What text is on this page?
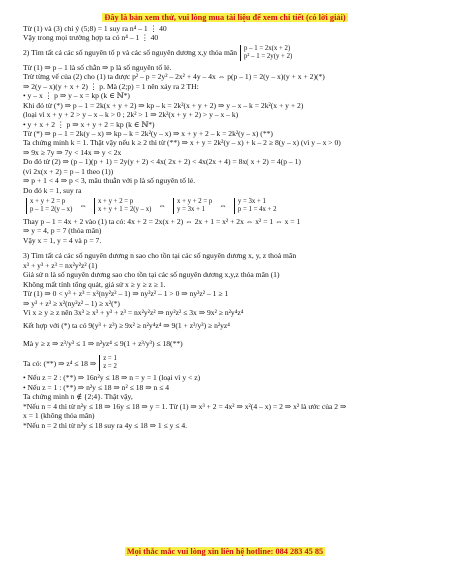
Đây là bản xem thử, vui lòng mua tài liệu để xem chi tiết (có lời giải)
Từ (1) và (3) chỉ ý (5;8) = 1 suy ra n⁴ – 1 ⋮ 40
Vậy trong mọi trường hợp ta có n⁴ – 1 ⋮ 40
2) Tìm tất cả các số nguyên tố p và các số nguyên dương x,y thỏa mãn p – 1 = 2x(x + 2)
p² – 1 = 2y(y + 2)
Từ (1) ⇒ p – 1 là số chẵn ⇒ p là số nguyên tố lẻ.
Trừ từng vế của (2) cho (1) ta được p² – p = 2y² – 2x² + 4y – 4x ⇔ p(p – 1) = 2(y – x)(y + x + 2)(*)
⇒ 2(y – x)(y + x + 2) ⋮ p. Mà (2;p) = 1 nên xảy ra 2 TH:
• y – x ⋮ p ⇒ y – x = kp (k ∈ ℕ*)
Khi đó từ (*) ⇒ p – 1 = 2k(x + y + 2) ⇒ kp – k = 2k²(x + y + 2) ⇒ y – x – k = 2k²(x + y + 2)
(loại vì x + y + 2 > y – x – k > 0 ; 2k² > 1 ⇒ 2k²(x + y + 2) > y – x – k)
• y + x + 2 ⋮ p ⇒ x + y + 2 = kp (k ∈ ℕ*)
Từ (*) ⇒ p – 1 = 2k(y – x) ⇒ kp – k = 2k²(y – x) ⇒ x + y + 2 – k = 2k²(y – x) (**)
Ta chứng minh k = 1. Thật vậy nếu k ≥ 2 thì từ (**) ⇒ x + y = 2k²(y – x) + k – 2 ≥ 8(y – x) (vì y – x > 0)
⇒ 9x ≥ 7y ⇒ 7y < 14x ⇒ y < 2x
Do đó từ (2) ⇒ (p – 1)(p + 1) = 2y(y + 2) < 4x( 2x + 2) < 4x(2x + 4) = 8x( x + 2) = 4(p – 1)
(vì 2x(x + 2) = p – 1 theo (1))
⇒ p + 1 < 4 ⇒ p < 3, mâu thuẫn với p là số nguyên tố lẻ.
Do đó k = 1, suy ra
x + y + 2 = p
p – 1 = 2(y – x) ⇔ x + y + 2 = p
x + y + 1 = 2(y – x) ⇔ x + y + 2 = p
y = 3x + 1	⇔ y = 3x + 1
p = 1 = 4x + 2
Thay p – 1 = 4x + 2 vào (1) ta có: 4x + 2 = 2x(x + 2) ⇔ 2x + 1 = x² + 2x ⇔ x² = 1 ⇔ x = 1
⇒ y = 4, p = 7 (thỏa mãn)
Vậy x = 1, y = 4 và p = 7.
3) Tìm tất cả các số nguyên dương n sao cho tồn tại các số nguyên dương x, y, z thoả mãn
x³ + y³ + z³ = nx²y²z² (1)
Giả sử n là số nguyên dương sao cho tồn tại các số nguyên dương x,y,z thỏa mãn (1)
Không mất tính tổng quát, giả sử x ≥ y ≥ z ≥ 1.
Từ (1) ⇒ 0 < y³ + z³ = x²(ny²z² – 1) ⇒ ny²z² – 1 > 0 ⇒ ny²z² – 1 ≥ 1
⇒ y³ + z³ ≥ x²(ny²z² – 1) ≥ x²(*)
Vì x ≥ y ≥ z nên 3x³ ≥ x³ + y³ + z³ = nx²y²z² ⇒ ny²z² ≤ 3x ⇒ 9x² ≥ n²y⁴z⁴
Kết hợp với (*) ta có 9(y³ + z³) ≥ 9x² ≥ n²y⁴z⁴ ⇒ 9(1 + z³/y³) ≥ n²yz⁴
Mà y ≥ z ⇒ z³/y³ ≤ 1 ⇒ n²yz⁴ ≤ 9(1 + z³/y³) ≤ 18(**)
Ta có: (**) ⇒ z⁴ ≤ 18 ⇒ z = 1
z = 2
• Nếu z = 2 : (**) ⇒ 16n²y ≤ 18 ⇒ n = y = 1 (loại vì y < z)
• Nếu z = 1 : (**) ⇒ n²y ≤ 18 ⇒ n² ≤ 18 ⇒ n ≤ 4
Ta chứng minh n ∉ {2;4}. Thật vậy,
*Nếu n = 4 thì từ n²y ≤ 18 ⇒ 16y ≤ 18 ⇒ y = 1. Từ (1) ⇒ x³ + 2 = 4x² ⇒ x²(4 – x) = 2 ⇒ x² là ước của 2 ⇒
x = 1 (không thỏa mãn)
*Nếu n = 2 thì từ n²y ≤ 18 suy ra 4y ≤ 18 ⇒ 1 ≤ y ≤ 4.
Mọi thắc mắc vui lòng xin liên hệ hotline: 084 283 45 85
